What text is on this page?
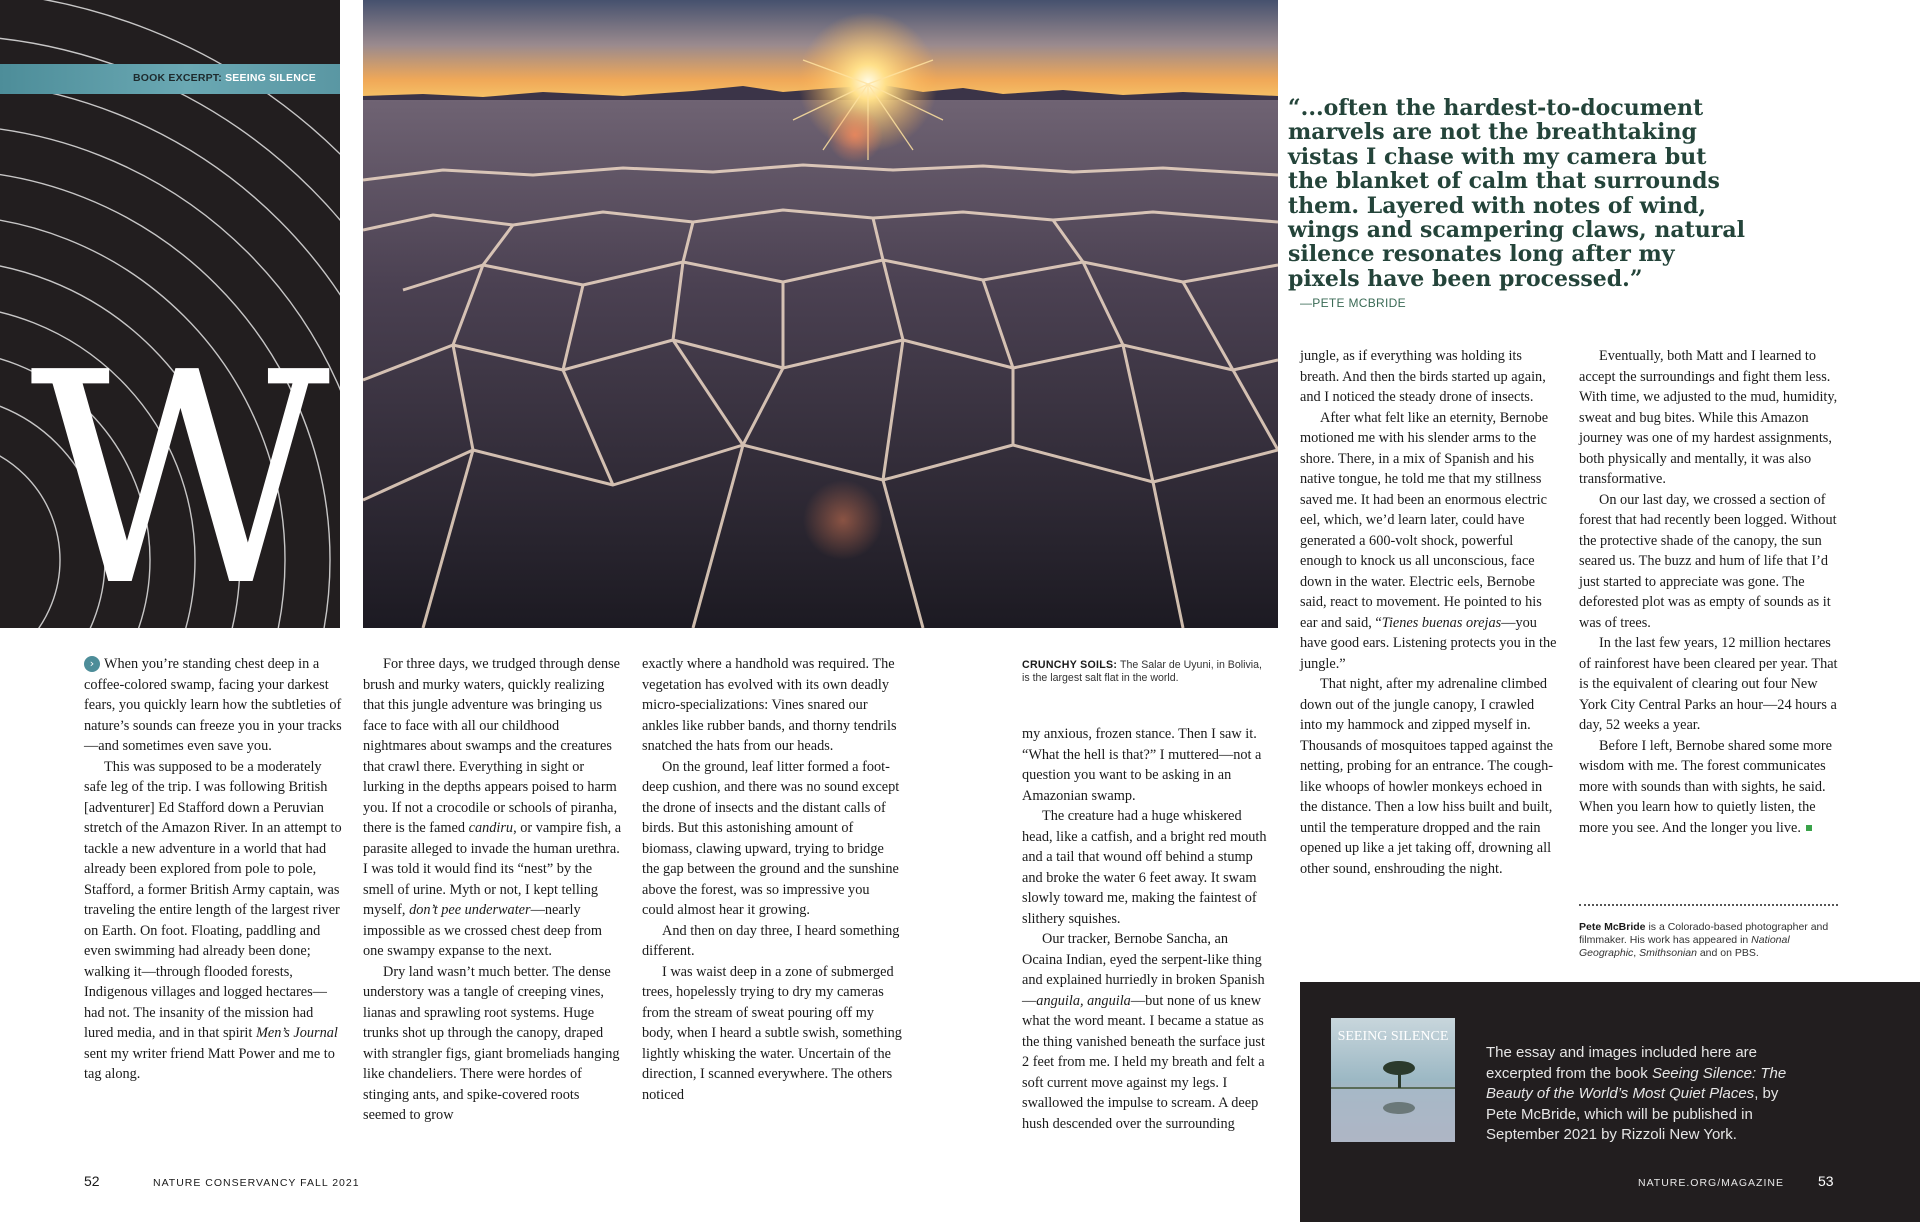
BOOK EXCERPT: SEEING SILENCE
W

“...often the hardest-to-document marvels are not the breathtaking vistas I chase with my camera but the blanket of calm that surrounds them. Layered with notes of wind, wings and scampering claws, natural silence resonates long after my pixels have been processed.”

—PETE MCBRIDE

› When you’re standing chest deep in a coffee-colored swamp, facing your darkest fears, you quickly learn how the subtleties of nature’s sounds can freeze you in your tracks—and sometimes even save you.

This was supposed to be a moderately safe leg of the trip. I was following British [adventurer] Ed Stafford down a Peruvian stretch of the Amazon River. In an attempt to tackle a new adventure in a world that had already been explored from pole to pole, Stafford, a former British Army captain, was traveling the entire length of the largest river on Earth. On foot. Floating, paddling and even swimming had already been done; walking it—through flooded forests, Indigenous villages and logged hectares—had not. The insanity of the mission had lured media, and in that spirit Men’s Journal sent my writer friend Matt Power and me to tag along.

For three days, we trudged through dense brush and murky waters, quickly realizing that this jungle adventure was bringing us face to face with all our childhood nightmares about swamps and the creatures that crawl there. Everything in sight or lurking in the depths appears poised to harm you. If not a crocodile or schools of piranha, there is the famed candiru, or vampire fish, a parasite alleged to invade the human urethra. I was told it would find its “nest” by the smell of urine. Myth or not, I kept telling myself, don’t pee underwater—nearly impossible as we crossed chest deep from one swampy expanse to the next.

Dry land wasn’t much better. The dense understory was a tangle of creeping vines, lianas and sprawling root systems. Huge trunks shot up through the canopy, draped with strangler figs, giant bromeliads hanging like chandeliers. There were hordes of stinging ants, and spike-covered roots seemed to grow

exactly where a handhold was required. The vegetation has evolved with its own deadly micro-specializations: Vines snared our ankles like rubber bands, and thorny tendrils snatched the hats from our heads.

On the ground, leaf litter formed a foot-deep cushion, and there was no sound except the drone of insects and the distant calls of birds. But this astonishing amount of biomass, clawing upward, trying to bridge the gap between the ground and the sunshine above the forest, was so impressive you could almost hear it growing.

And then on day three, I heard something different.

I was waist deep in a zone of submerged trees, hopelessly trying to dry my cameras from the stream of sweat pouring off my body, when I heard a subtle swish, something lightly whisking the water. Uncertain of the direction, I scanned everywhere. The others noticed

CRUNCHY SOILS: The Salar de Uyuni, in Bolivia, is the largest salt flat in the world.

my anxious, frozen stance. Then I saw it. “What the hell is that?” I muttered—not a question you want to be asking in an Amazonian swamp.

The creature had a huge whiskered head, like a catfish, and a bright red mouth and a tail that wound off behind a stump and broke the water 6 feet away. It swam slowly toward me, making the faintest of slithery squishes.

Our tracker, Bernobe Sancha, an Ocaina Indian, eyed the serpent-like thing and explained hurriedly in broken Spanish—anguila, anguila—but none of us knew what the word meant. I became a statue as the thing vanished beneath the surface just 2 feet from me. I held my breath and felt a soft current move against my legs. I swallowed the impulse to scream. A deep hush descended over the surrounding

jungle, as if everything was holding its breath. And then the birds started up again, and I noticed the steady drone of insects.

After what felt like an eternity, Bernobe motioned me with his slender arms to the shore. There, in a mix of Spanish and his native tongue, he told me that my stillness saved me. It had been an enormous electric eel, which, we’d learn later, could have generated a 600-volt shock, powerful enough to knock us all unconscious, face down in the water. Electric eels, Bernobe said, react to movement. He pointed to his ear and said, “Tienes buenas orejas—you have good ears. Listening protects you in the jungle.”

That night, after my adrenaline climbed down out of the jungle canopy, I crawled into my hammock and zipped myself in. Thousands of mosquitoes tapped against the netting, probing for an entrance. The cough-like whoops of howler monkeys echoed in the distance. Then a low hiss built and built, until the temperature dropped and the rain opened up like a jet taking off, drowning all other sound, enshrouding the night.

Eventually, both Matt and I learned to accept the surroundings and fight them less. With time, we adjusted to the mud, humidity, sweat and bug bites. While this Amazon journey was one of my hardest assignments, both physically and mentally, it was also transformative.

On our last day, we crossed a section of forest that had recently been logged. Without the protective shade of the canopy, the sun seared us. The buzz and hum of life that I’d just started to appreciate was gone. The deforested plot was as empty of sounds as it was of trees.

In the last few years, 12 million hectares of rainforest have been cleared per year. That is the equivalent of clearing out four New York City Central Parks an hour—24 hours a day, 52 weeks a year.

Before I left, Bernobe shared some more wisdom with me. The forest communicates more with sounds than with sights, he said. When you learn how to quietly listen, the more you see. And the longer you live.

Pete McBride is a Colorado-based photographer and filmmaker. His work has appeared in National Geographic, Smithsonian and on PBS.
SEEING SILENCE
The essay and images included here are excerpted from the book Seeing Silence: The Beauty of the World’s Most Quiet Places, by Pete McBride, which will be published in September 2021 by Rizzoli New York.
52	NATURE CONSERVANCY FALL 2021	NATURE.ORG/MAGAZINE 53
